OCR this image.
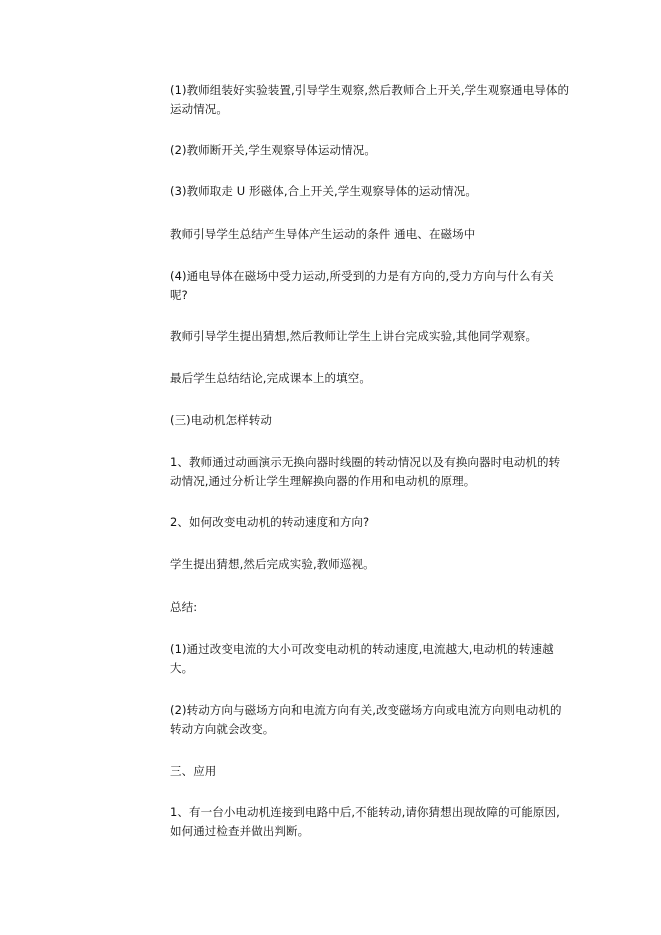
(1)教师组装好实验装置,引导学生观察,然后教师合上开关,学生观察通电导体的运动情况。
(2)教师断开关,学生观察导体运动情况。
(3)教师取走 U 形磁体,合上开关,学生观察导体的运动情况。
教师引导学生总结产生导体产生运动的条件 通电、在磁场中
(4)通电导体在磁场中受力运动,所受到的力是有方向的,受力方向与什么有关呢?
教师引导学生提出猜想,然后教师让学生上讲台完成实验,其他同学观察。
最后学生总结结论,完成课本上的填空。
(三)电动机怎样转动
1、教师通过动画演示无换向器时线圈的转动情况以及有换向器时电动机的转动情况,通过分析让学生理解换向器的作用和电动机的原理。
2、如何改变电动机的转动速度和方向?
学生提出猜想,然后完成实验,教师巡视。
总结:
(1)通过改变电流的大小可改变电动机的转动速度,电流越大,电动机的转速越大。
(2)转动方向与磁场方向和电流方向有关,改变磁场方向或电流方向则电动机的转动方向就会改变。
三、应用
1、有一台小电动机连接到电路中后,不能转动,请你猜想出现故障的可能原因,如何通过检查并做出判断。
